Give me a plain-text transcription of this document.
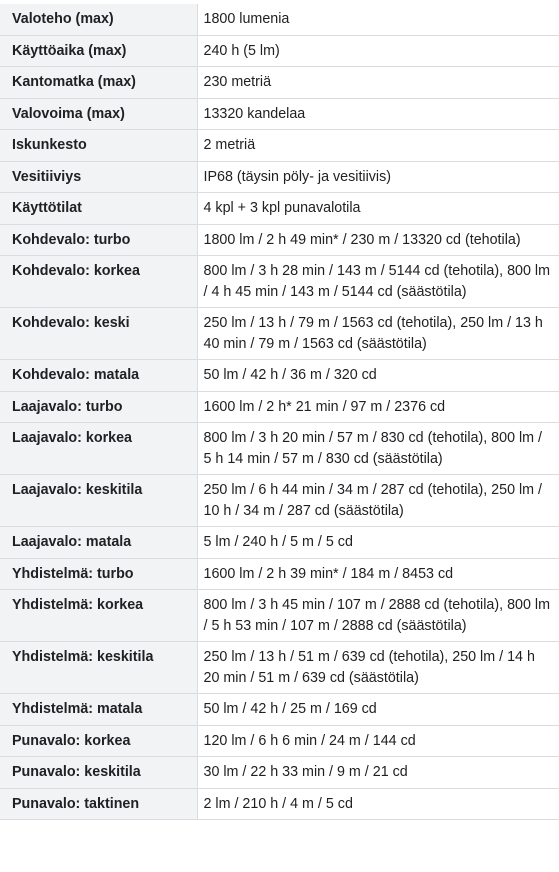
Valoteho (max)	1800 lumenia
Käyttöaika (max)	240 h (5 lm)
Kantomatka (max)	230 metriä
Valovoima (max)	13320 kandelaa
Iskunkesto	2 metriä
Vesitiiviys	IP68 (täysin pöly- ja vesitiivis)
Käyttötilat	4 kpl + 3 kpl punavalotila
Kohdevalo: turbo	1800 lm / 2 h 49 min* / 230 m / 13320 cd (tehotila)
Kohdevalo: korkea	800 lm / 3 h 28 min / 143 m / 5144 cd (tehotila), 800 lm / 4 h 45 min / 143 m / 5144 cd (säästötila)
Kohdevalo: keski	250 lm / 13 h / 79 m / 1563 cd (tehotila), 250 lm / 13 h 40 min / 79 m / 1563 cd (säästötila)
Kohdevalo: matala	50 lm / 42 h / 36 m / 320 cd
Laajavalo: turbo	1600 lm / 2 h* 21 min / 97 m / 2376 cd
Laajavalo: korkea	800 lm / 3 h 20 min / 57 m / 830 cd (tehotila), 800 lm / 5 h 14 min / 57 m / 830 cd (säästötila)
Laajavalo: keskitila	250 lm / 6 h 44 min / 34 m / 287 cd (tehotila), 250 lm / 10 h / 34 m / 287 cd (säästötila)
Laajavalo: matala	5 lm / 240 h / 5 m / 5 cd
Yhdistelmä: turbo	1600 lm / 2 h 39 min* / 184 m / 8453 cd
Yhdistelmä: korkea	800 lm / 3 h 45 min / 107 m / 2888 cd (tehotila), 800 lm / 5 h 53 min / 107 m / 2888 cd (säästötila)
Yhdistelmä: keskitila	250 lm / 13 h / 51 m / 639 cd (tehotila), 250 lm / 14 h 20 min / 51 m / 639 cd (säästötila)
Yhdistelmä: matala	50 lm / 42 h / 25 m / 169 cd
Punavalo: korkea	120 lm / 6 h 6 min / 24 m / 144 cd
Punavalo: keskitila	30 lm / 22 h 33 min / 9 m / 21 cd
Punavalo: taktinen	2 lm / 210 h / 4 m / 5 cd
